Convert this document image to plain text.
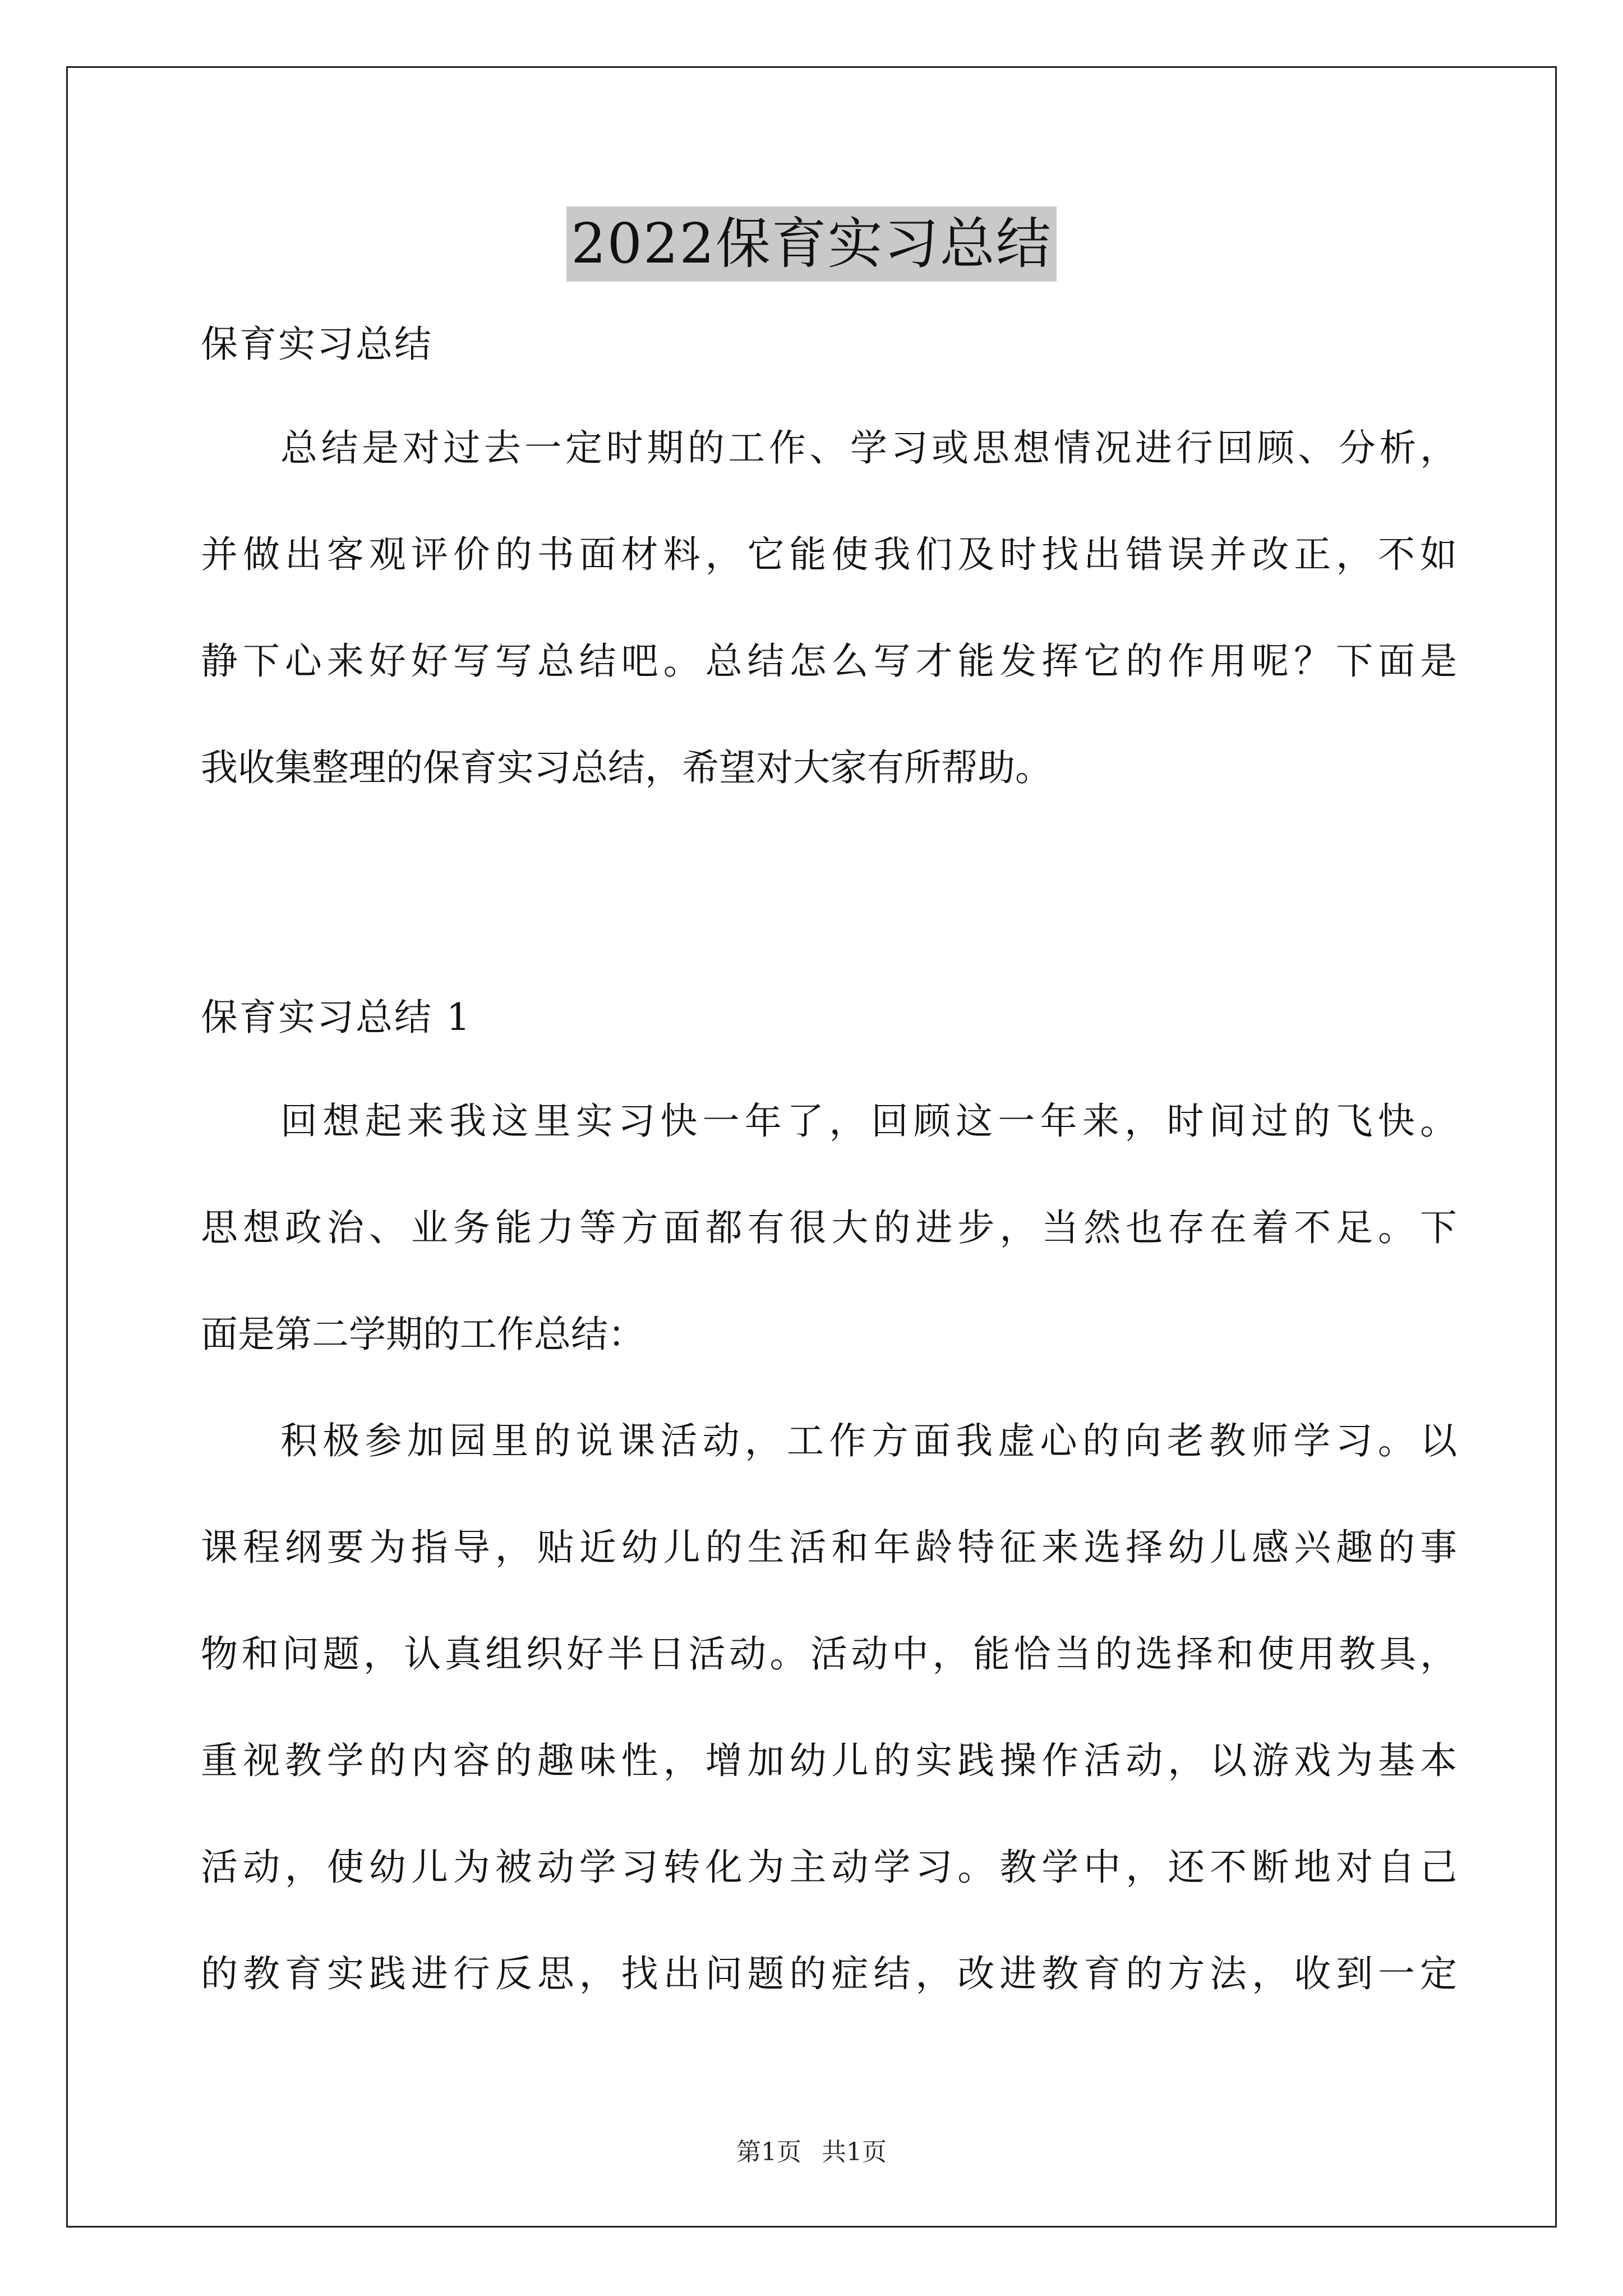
2022保育实习总结
保育实习总结
总结是对过去一定时期的工作、学习或思想情况进行回顾、分析，
并做出客观评价的书面材料，它能使我们及时找出错误并改正，不如
静下心来好好写写总结吧。总结怎么写才能发挥它的作用呢？下面是
我收集整理的保育实习总结，希望对大家有所帮助。
保育实习总结 1
回想起来我这里实习快一年了，回顾这一年来，时间过的飞快。
思想政治、业务能力等方面都有很大的进步，当然也存在着不足。下
面是第二学期的工作总结：
积极参加园里的说课活动，工作方面我虚心的向老教师学习。以
课程纲要为指导，贴近幼儿的生活和年龄特征来选择幼儿感兴趣的事
物和问题，认真组织好半日活动。活动中，能恰当的选择和使用教具，
重视教学的内容的趣味性，增加幼儿的实践操作活动，以游戏为基本
活动，使幼儿为被动学习转化为主动学习。教学中，还不断地对自己
的教育实践进行反思，找出问题的症结，改进教育的方法，收到一定
第1页 共1页
